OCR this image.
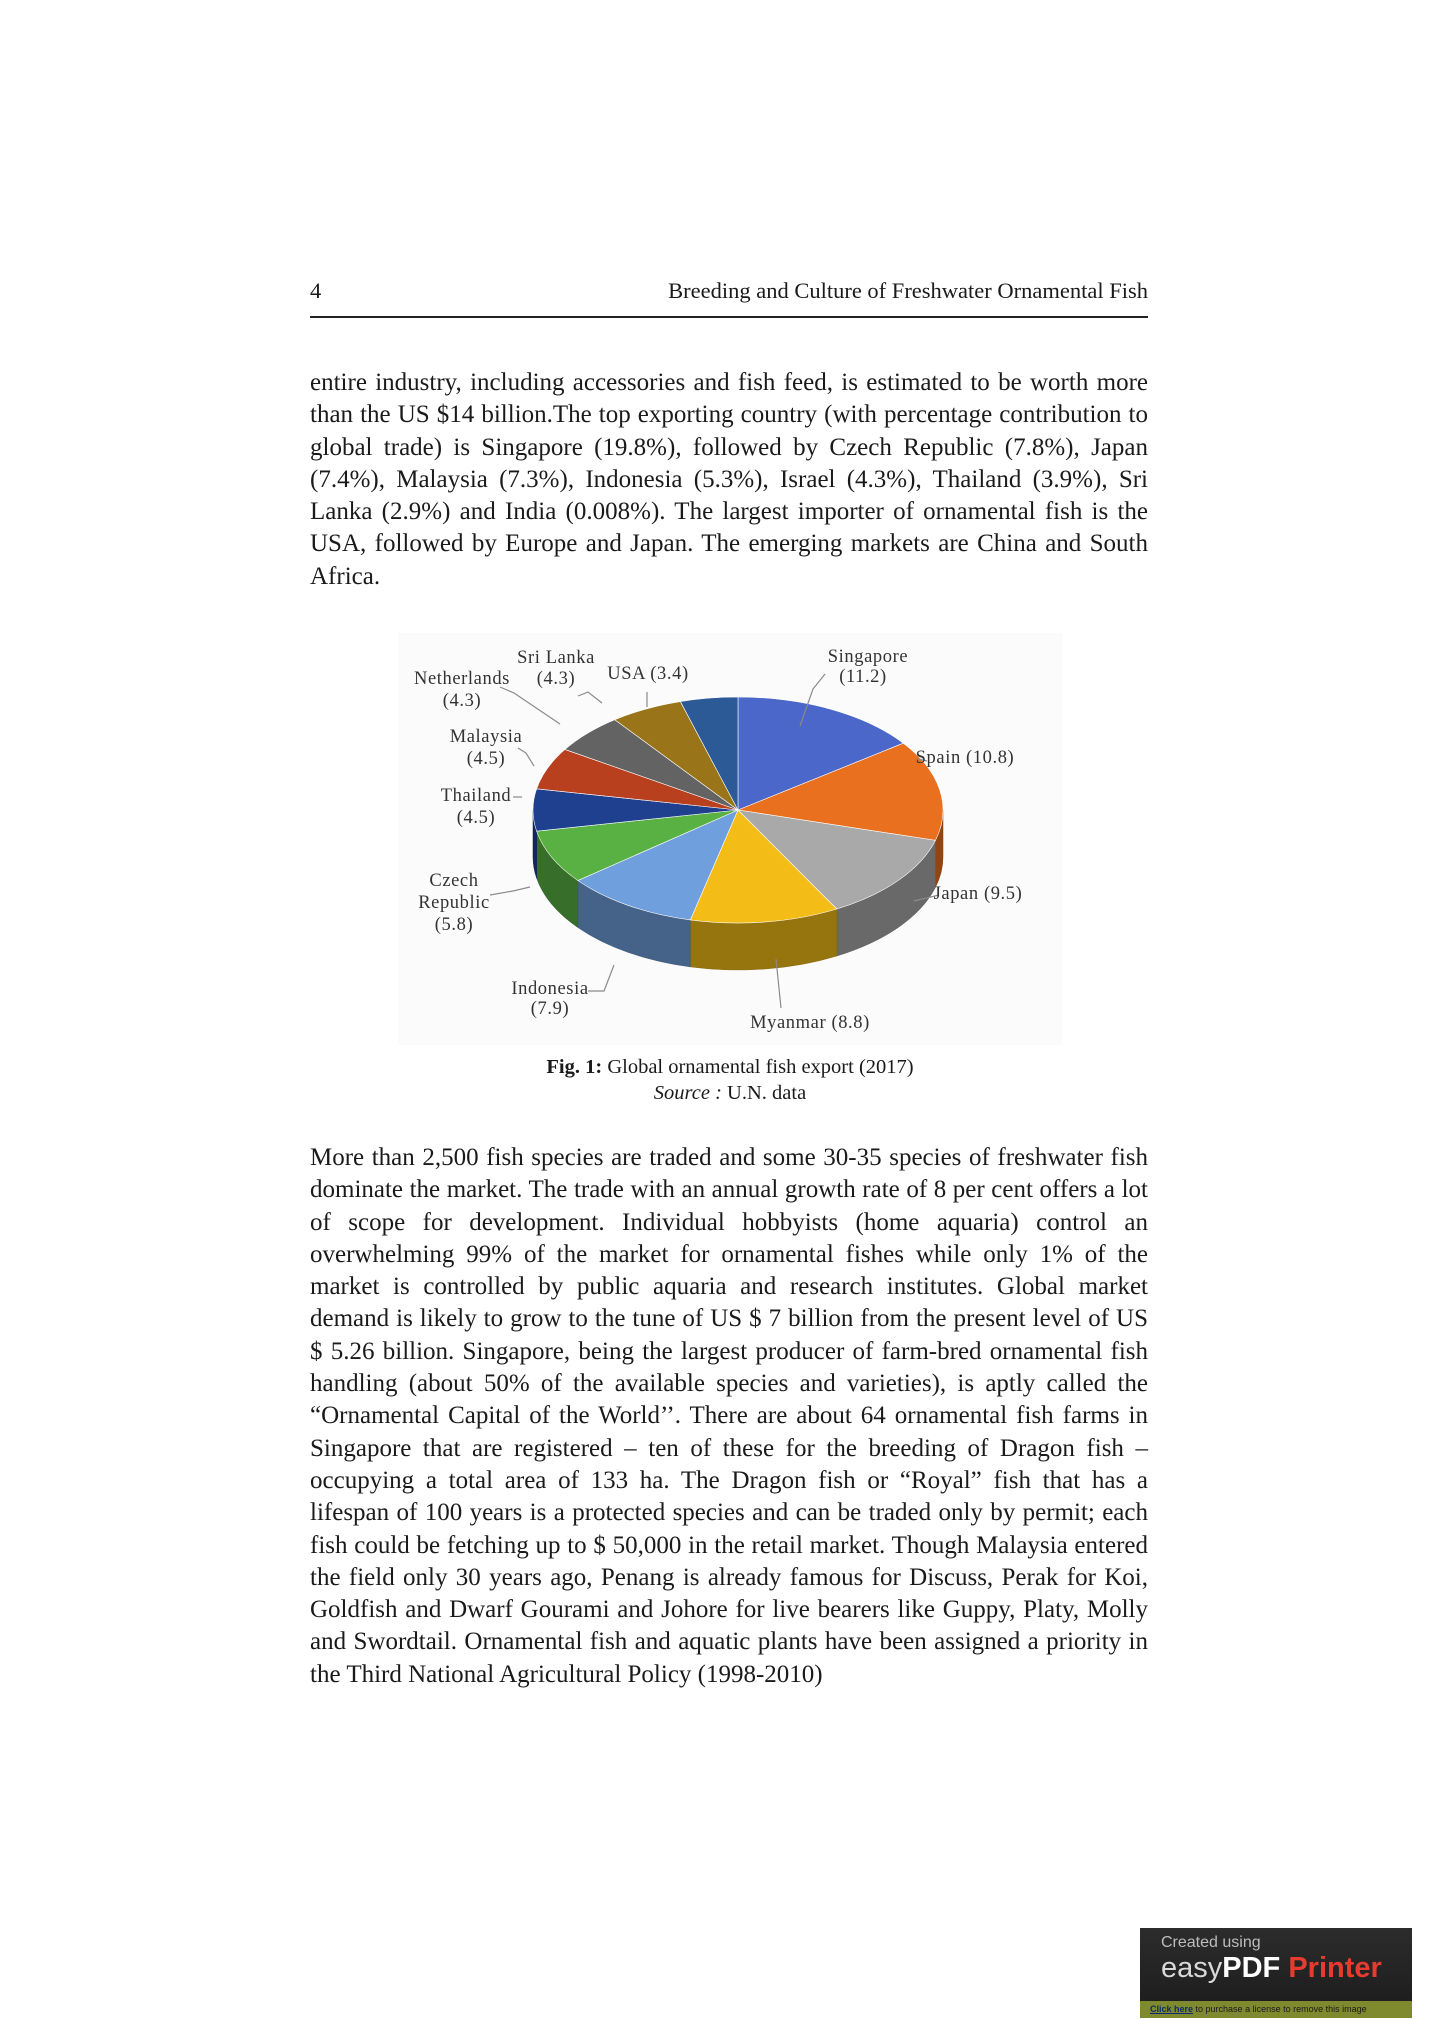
4	Breeding and Culture of Freshwater Ornamental Fish

entire industry, including accessories and fish feed, is estimated to be worth more than the US $14 billion.The top exporting country (with percentage contribution to global trade) is Singapore (19.8%), followed by Czech Republic (7.8%), Japan (7.4%), Malaysia (7.3%), Indonesia (5.3%), Israel (4.3%), Thailand (3.9%), Sri Lanka (2.9%) and India (0.008%). The largest importer of ornamental fish is the USA, followed by Europe and Japan. The emerging markets are China and South Africa.

Singapore
(11.2)
Spain (10.8)
Japan (9.5)
Myanmar (8.8)
Indonesia
(7.9)
Czech
Republic
(5.8)
Thailand
(4.5)
Malaysia
(4.5)
Netherlands
(4.3)
Sri Lanka
(4.3) USA (3.4)
Fig. 1: Global ornamental fish export (2017)
Source : U.N. data

More than 2,500 fish species are traded and some 30-35 species of freshwater fish dominate the market. The trade with an annual growth rate of 8 per cent offers a lot of scope for development. Individual hobbyists (home aquaria) control an overwhelming 99% of the market for ornamental fishes while only 1% of the market is controlled by public aquaria and research institutes. Global market demand is likely to grow to the tune of US $ 7 billion from the present level of US $ 5.26 billion. Singapore, being the largest producer of farm-bred ornamental fish handling (about 50% of the available species and varieties), is aptly called the “Ornamental Capital of the World’’. There are about 64 ornamental fish farms in Singapore that are registered – ten of these for the breeding of Dragon fish – occupying a total area of 133 ha. The Dragon fish or “Royal” fish that has a lifespan of 100 years is a protected species and can be traded only by permit; each fish could be fetching up to $ 50,000 in the retail market. Though Malaysia entered the field only 30 years ago, Penang is already famous for Discuss, Perak for Koi, Goldfish and Dwarf Gourami and Johore for live bearers like Guppy, Platy, Molly and Swordtail. Ornamental fish and aquatic plants have been assigned a priority in the Third National Agricultural Policy (1998-2010)

Created using
easyPDF Printer
Click here to purchase a license to remove this image
